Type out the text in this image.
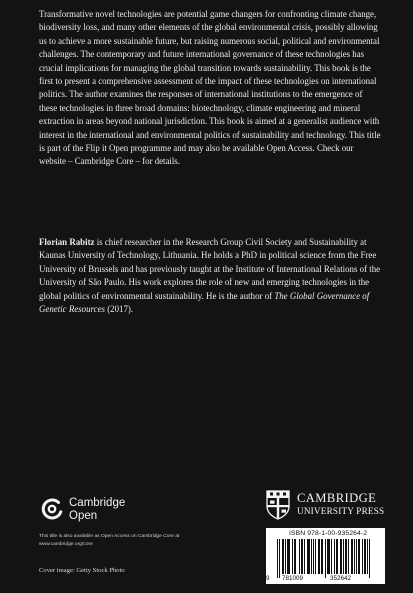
Transformative novel technologies are potential game changers for confronting climate change, biodiversity loss, and many other elements of the global environmental crisis, possibly allowing us to achieve a more sustainable future, but raising numerous social, political and environmental challenges. The contemporary and future international governance of these technologies has crucial implications for managing the global transition towards sustainability. This book is the first to present a comprehensive assessment of the impact of these technologies on international politics. The author examines the responses of international institutions to the emergence of these technologies in three broad domains: biotechnology, climate engineering and mineral extraction in areas beyond national jurisdiction. This book is aimed at a generalist audience with interest in the international and environmental politics of sustainability and technology. This title is part of the Flip it Open programme and may also be available Open Access. Check our website – Cambridge Core – for details.

Florian Rabitz is chief researcher in the Research Group Civil Society and Sustainability at Kaunas University of Technology, Lithuania. He holds a PhD in political science from the Free University of Brussels and has previously taught at the Institute of International Relations of the University of São Paulo. His work explores the role of new and emerging technologies in the global politics of environmental sustainability. He is the author of The Global Governance of Genetic Resources (2017).

Cambridge
Open

This title is also available as Open Access on Cambridge Core at www.cambridge.org/core

Cover image: Getty Stock Photo
CAMBRIDGE
UNIVERSITY PRESS
ISBN 978-1-00-935264-2
9 781009	352642
